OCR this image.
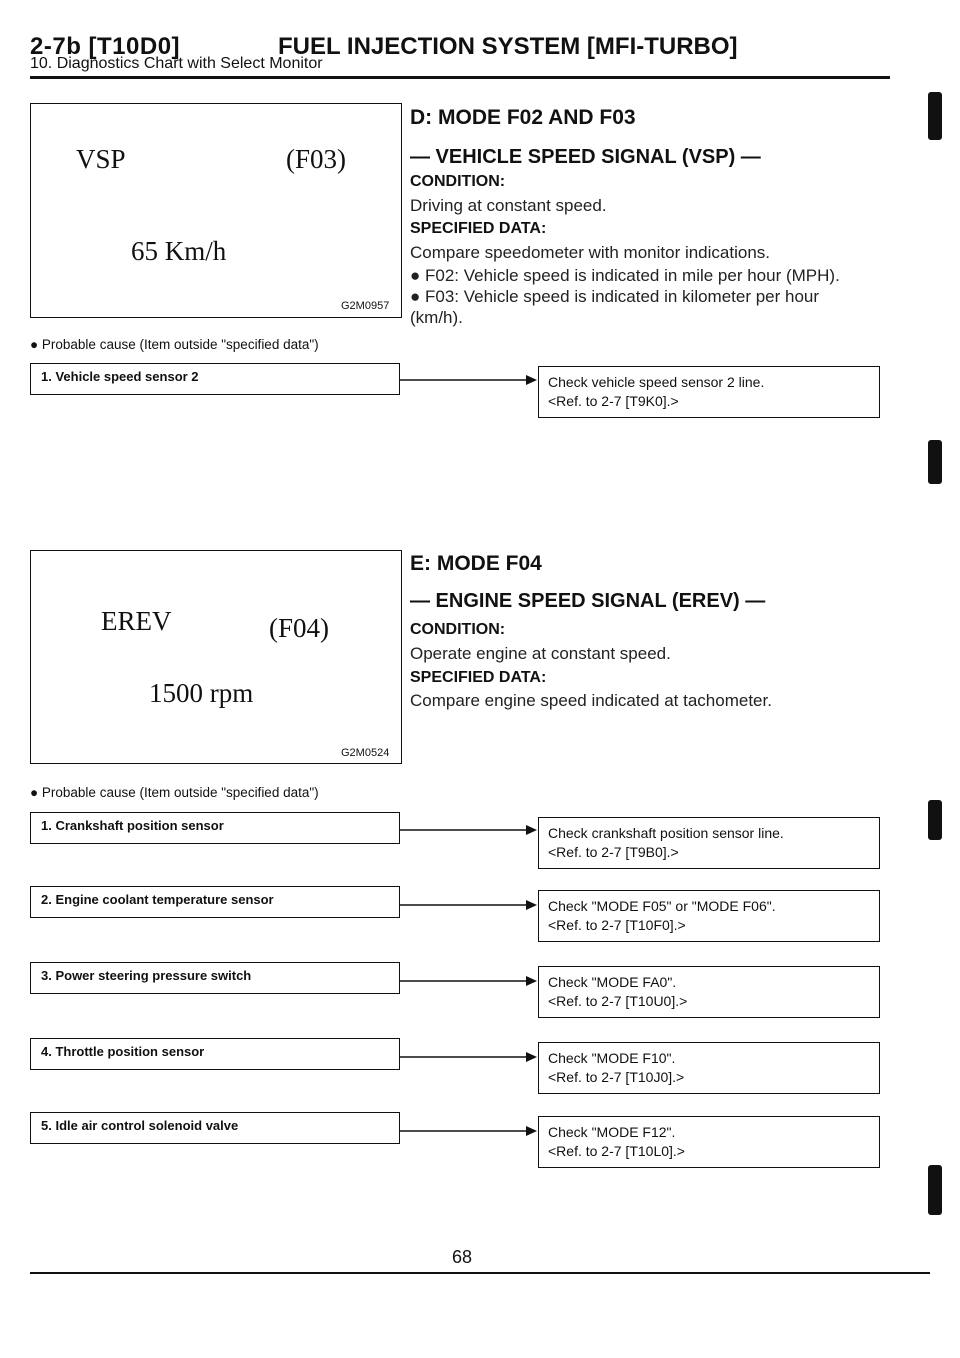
2-7b [T10D0]	FUEL INJECTION SYSTEM [MFI-TURBO]
10. Diagnostics Chart with Select Monitor
VSP	(F03)
65 Km/h
G2M0957
D: MODE F02 AND F03
— VEHICLE SPEED SIGNAL (VSP) —
CONDITION:
Driving at constant speed.
SPECIFIED DATA:
Compare speedometer with monitor indications.
● F02: Vehicle speed is indicated in mile per hour (MPH).
● F03: Vehicle speed is indicated in kilometer per hour
(km/h).
● Probable cause (Item outside "specified data")
1. Vehicle speed sensor 2	Check vehicle speed sensor 2 line.
<Ref. to 2-7 [T9K0].>
EREV	(F04)
1500 rpm
G2M0524
E: MODE F04
— ENGINE SPEED SIGNAL (EREV) —
CONDITION:
Operate engine at constant speed.
SPECIFIED DATA:
Compare engine speed indicated at tachometer.
● Probable cause (Item outside "specified data")
1. Crankshaft position sensor	Check crankshaft position sensor line.
<Ref. to 2-7 [T9B0].>
2. Engine coolant temperature sensor	Check "MODE F05" or "MODE F06".
<Ref. to 2-7 [T10F0].>
3. Power steering pressure switch	Check "MODE FA0".
<Ref. to 2-7 [T10U0].>
4. Throttle position sensor	Check "MODE F10".
<Ref. to 2-7 [T10J0].>
5. Idle air control solenoid valve	Check "MODE F12".
<Ref. to 2-7 [T10L0].>
68
